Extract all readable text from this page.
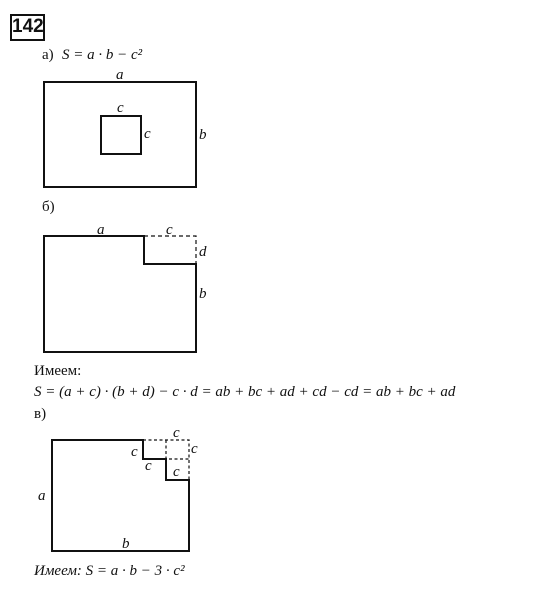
142
а) S = a · b − c²
б)
Имеем:
S = (a + c) · (b + d) − c · d = ab + bc + ad + cd − cd = ab + bc + ad
в)
Имеем: S = a · b − 3 · c²
a
b
c
c
a	c
d
b
c
c
c
c c
a
b
